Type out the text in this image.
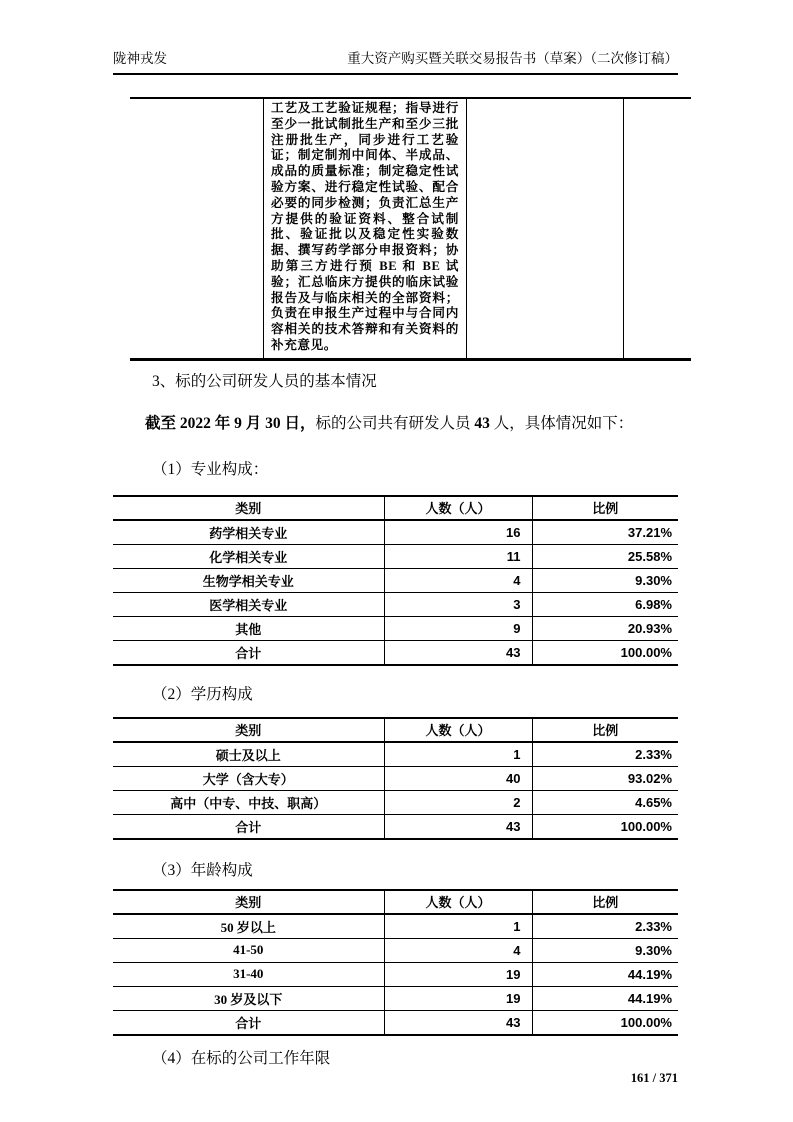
陇神戎发	重大资产购买暨关联交易报告书（草案）（二次修订稿）
	工艺及工艺验证规程；指导进行至少一批试制批生产和至少三批注册批生产，同步进行工艺验证；制定制剂中间体、半成品、成品的质量标准；制定稳定性试验方案、进行稳定性试验、配合必要的同步检测；负责汇总生产方提供的验证资料、整合试制批、验证批以及稳定性实验数据、撰写药学部分申报资料；协助第三方进行预 BE 和 BE 试验；汇总临床方提供的临床试验报告及与临床相关的全部资料；负责在申报生产过程中与合同内容相关的技术答辩和有关资料的补充意见。		
3、标的公司研发人员的基本情况
截至 2022 年 9 月 30 日，标的公司共有研发人员 43 人，具体情况如下：
（1）专业构成：
类别	人数（人）	比例
药学相关专业	16	37.21%
化学相关专业	11	25.58%
生物学相关专业	4	9.30%
医学相关专业	3	6.98%
其他	9	20.93%
合计	43	100.00%
（2）学历构成
类别	人数（人）	比例
硕士及以上	1	2.33%
大学（含大专）	40	93.02%
高中（中专、中技、职高）	2	4.65%
合计	43	100.00%
（3）年龄构成
类别	人数（人）	比例
50 岁以上	1	2.33%
41-50	4	9.30%
31-40	19	44.19%
30 岁及以下	19	44.19%
合计	43	100.00%
（4）在标的公司工作年限
161 / 371
